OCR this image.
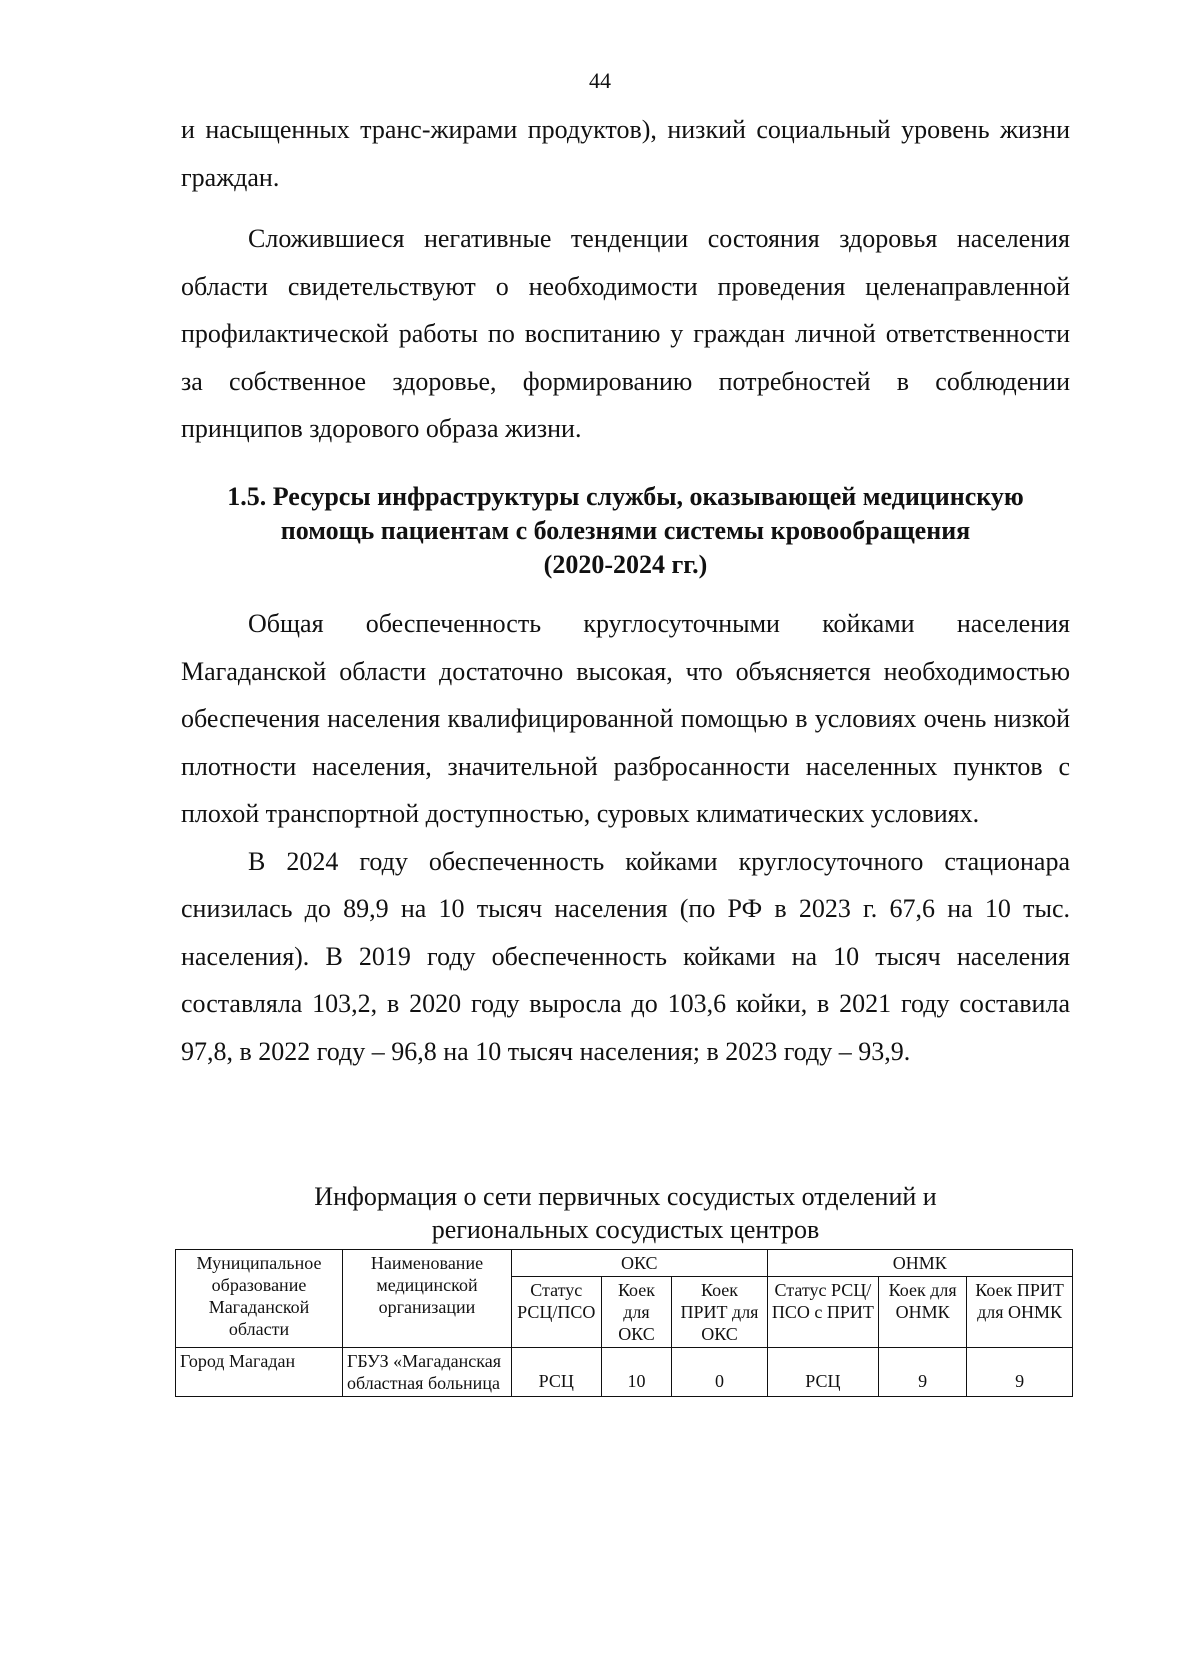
44

и насыщенных транс-жирами продуктов), низкий социальный уровень жизни граждан.

Сложившиеся негативные тенденции состояния здоровья населения области свидетельствуют о необходимости проведения целенаправленной профилактической работы по воспитанию у граждан личной ответственности за собственное здоровье, формированию потребностей в соблюдении принципов здорового образа жизни.

1.5. Ресурсы инфраструктуры службы, оказывающей медицинскую
помощь пациентам с болезнями системы кровообращения
(2020-2024 гг.)

Общая обеспеченность круглосуточными койками населения Магаданской области достаточно высокая, что объясняется необходимостью обеспечения населения квалифицированной помощью в условиях очень низкой плотности населения, значительной разбросанности населенных пунктов с плохой транспортной доступностью, суровых климатических условиях.

В 2024 году обеспеченность койками круглосуточного стационара снизилась до 89,9 на 10 тысяч населения (по РФ в 2023 г. 67,6 на 10 тыс. населения). В 2019 году обеспеченность койками на 10 тысяч населения составляла 103,2, в 2020 году выросла до 103,6 койки, в 2021 году составила 97,8, в 2022 году – 96,8 на 10 тысяч населения; в 2023 году – 93,9.

Информация о сети первичных сосудистых отделений и
региональных сосудистых центров
Муниципальное образование Магаданской области	Наименование медицинской организации	ОКС			ОНМК		
		Статус РСЦ/ПСО	Коек для ОКС	Коек ПРИТ для ОКС	Статус РСЦ/ПСО с ПРИТ	Коек для ОНМК	Коек ПРИТ для ОНМК
Город Магадан	ГБУЗ «Магаданская областная больница	РСЦ	10	0	РСЦ	9	9
